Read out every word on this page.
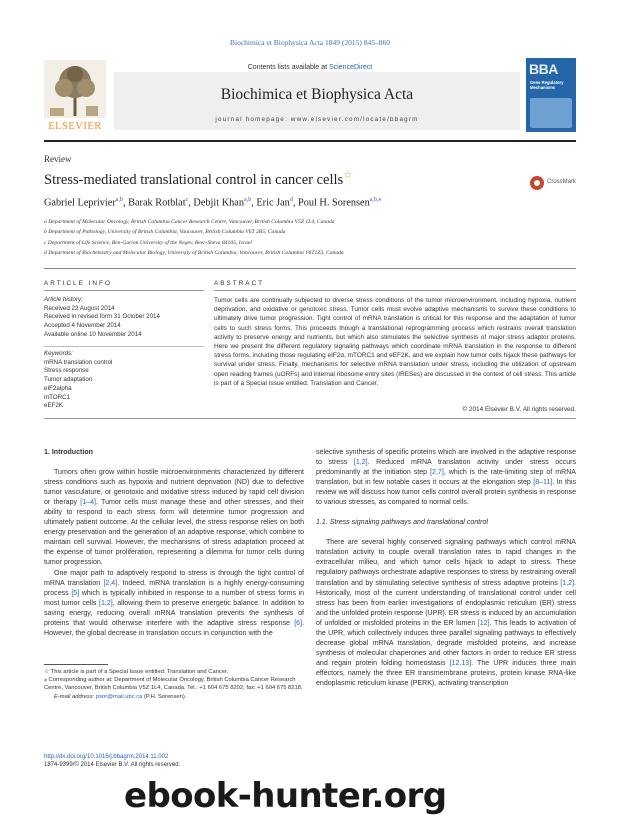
Biochimica et Biophysica Acta 1849 (2015) 845–860
ELSEVIER
Contents lists available at ScienceDirect
Biochimica et Biophysica Acta
journal homepage: www.elsevier.com/locate/bbagrm
BBA
Gene Regulatory Mechanisms
Review
Stress-mediated translational control in cancer cells☆
CrossMark
Gabriel Leprivier$^{a,b}$, Barak Rotblat$^c$, Debjit Khan$^{a,b}$, Eric Jan$^d$, Poul H. Sorensen$^{a,b,⁎}$
a Department of Molecular Oncology, British Columbia Cancer Research Centre, Vancouver, British Columbia V5Z 1L4, Canada
b Department of Pathology, University of British Columbia, Vancouver, British Columbia V6T 2B5, Canada
c Department of Life Science, Ben-Gurion University of the Negev, Beer-Sheva 84105, Israel
d Department of Biochemistry and Molecular Biology, University of British Columbia, Vancouver, British Columbia V6T1Z3, Canada
ARTICLE INFO	ABSTRACT
Article history:
Received 22 August 2014
Received in revised form 31 October 2014
Accepted 4 November 2014
Available online 10 November 2014
Keywords:
mRNA translation control
Stress response
Tumor adaptation
eIF2alpha
mTORC1
eEF2K
Tumor cells are continually subjected to diverse stress conditions of the tumor microenvironment, including hypoxia, nutrient deprivation, and oxidative or genotoxic stress. Tumor cells must evolve adaptive mechanisms to survive these conditions to ultimately drive tumor progression. Tight control of mRNA translation is critical for this response and the adaptation of tumor cells to such stress forms. This proceeds though a translational reprogramming process which restrains overall translation activity to preserve energy and nutrients, but which also stimulates the selective synthesis of major stress adaptor proteins. Here we present the different regulatory signaling pathways which coordinate mRNA translation in the response to different stress forms, including those regulating eIF2α, mTORC1 and eEF2K, and we explain how tumor cells hijack these pathways for survival under stress. Finally, mechanisms for selective mRNA translation under stress, including the utilization of upstream open reading frames (uORFs) and internal ribosome entry sites (IRESes) are discussed in the context of cell stress. This article is part of a Special Issue entitled: Translation and Cancer.
© 2014 Elsevier B.V. All rights reserved.

1. Introduction

Tumors often grow within hostile microenvironments characterized by different stress conditions such as hypoxia and nutrient deprivation (ND) due to defective tumor vasculature, or genotoxic and oxidative stress induced by rapid cell division or therapy [1–4]. Tumor cells must manage these and other stresses, and their ability to respond to each stress form will determine tumor progression and ultimately patient outcome. At the cellular level, the stress response relies on both energy preservation and the generation of an adaptive response, which combine to maintain cell survival. However, the mechanisms of stress adaptation proceed at the expense of tumor proliferation, representing a dilemma for tumor cells during tumor progression.

One major path to adaptively respond to stress is through the tight control of mRNA translation [2,4]. Indeed, mRNA translation is a highly energy-consuming process [5] which is typically inhibited in response to a number of stress forms in most tumor cells [1,2], allowing them to preserve energetic balance. In addition to saving energy, reducing overall mRNA translation prevents the synthesis of proteins that would otherwise interfere with the adaptive stress response [6]. However, the global decrease in translation occurs in conjunction with the

selective synthesis of specific proteins which are involved in the adaptive response to stress [1,2]. Reduced mRNA translation activity under stress occurs predominantly at the initiation step [2,7], which is the rate-limiting step of mRNA translation, but in few notable cases it occurs at the elongation step [8–11]. In this review we will discuss how tumor cells control overall protein synthesis in response to various stresses, as compared to normal cells.

1.1. Stress signaling pathways and translational control

There are several highly conserved signaling pathways which control mRNA translation activity to couple overall translation rates to rapid changes in the extracellular milieu, and which tumor cells hijack to adapt to stress. These regulatory pathways orchestrate adaptive responses to stress by restraining overall translation and by stimulating selective synthesis of stress adaptive proteins [1,2]. Historically, most of the current understanding of translational control under cell stress has been from earlier investigations of endoplasmic reticulum (ER) stress and the unfolded protein response (UPR). ER stress is induced by an accumulation of unfolded or misfolded proteins in the ER lumen [12]. This leads to activation of the UPR, which collectively induces three parallel signaling pathways to effectively decrease global mRNA translation, degrade misfolded proteins, and increase synthesis of molecular chaperones and other factors in order to reduce ER stress and regain protein folding homeostasis [12,13]. The UPR induces three main effectors, namely the three ER transmembrane proteins, protein kinase RNA-like endoplasmic reticulum kinase (PERK), activating transcription

☆ This article is part of a Special Issue entitled: Translation and Cancer.
⁎ Corresponding author at: Department of Molecular Oncology, British Columbia Cancer Research Centre, Vancouver, British Columbia V5Z 1L4, Canada. Tel.: +1 604 675 8202; fax: +1 604 675 8218.
E-mail address: psor@mail.ubc.ca (P.H. Sorensen).
http://dx.doi.org/10.1016/j.bbagrm.2014.11.002
1874-9399/© 2014 Elsevier B.V. All rights reserved.
ebook-hunter.org
